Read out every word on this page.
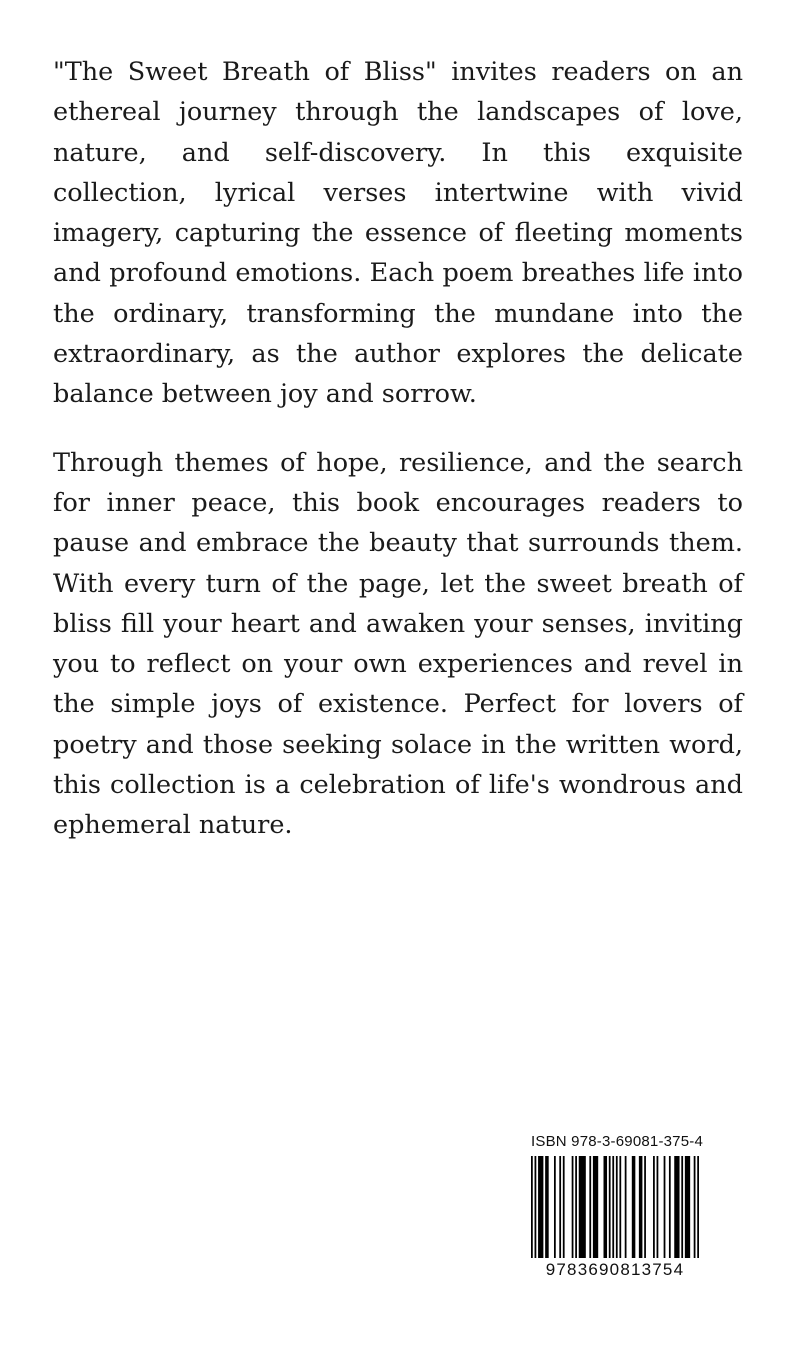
"The Sweet Breath of Bliss" invites readers on an ethereal journey through the landscapes of love, nature, and self-discovery. In this exquisite collection, lyrical verses intertwine with vivid imagery, capturing the essence of fleeting moments and profound emotions. Each poem breathes life into the ordinary, transforming the mundane into the extraordinary, as the author explores the delicate balance between joy and sorrow.

Through themes of hope, resilience, and the search for inner peace, this book encourages readers to pause and embrace the beauty that surrounds them. With every turn of the page, let the sweet breath of bliss fill your heart and awaken your senses, inviting you to reflect on your own experiences and revel in the simple joys of existence. Perfect for lovers of poetry and those seeking solace in the written word, this collection is a celebration of life's wondrous and ephemeral nature.

ISBN 978-3-69081-375-4
9783690813754
